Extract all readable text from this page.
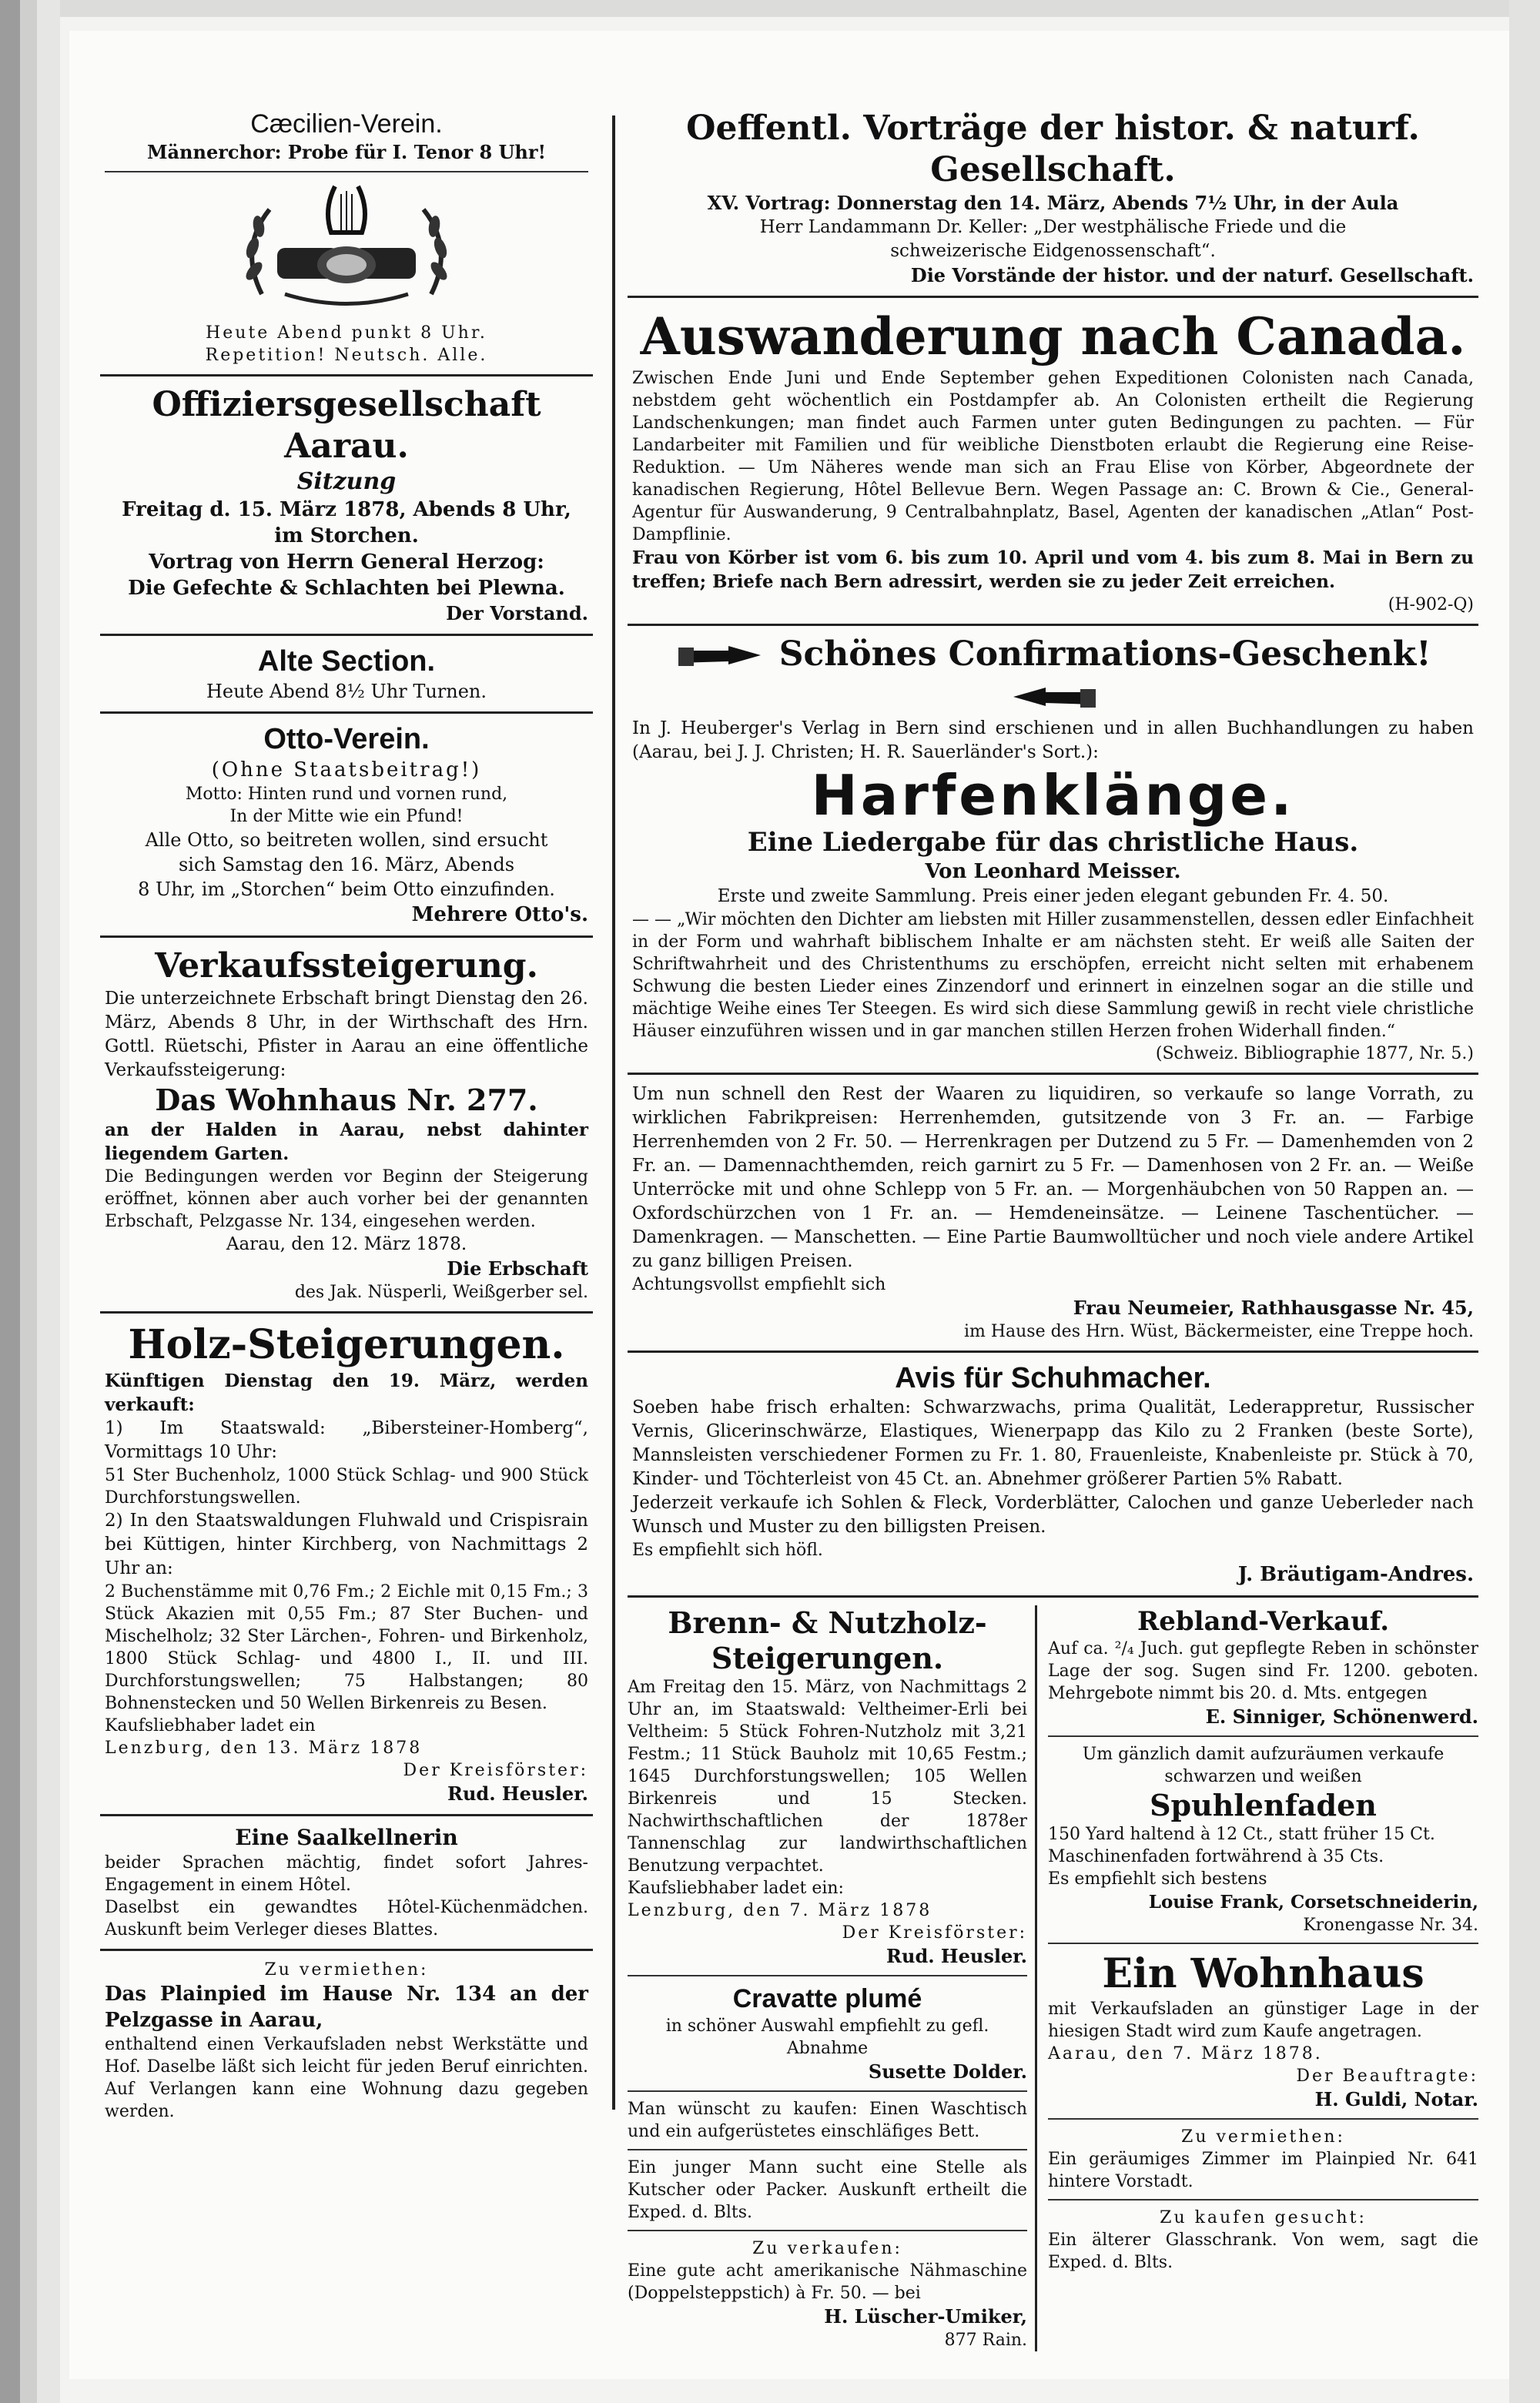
Cæcilien-Verein.

Männerchor: Probe für I. Tenor 8 Uhr!

Heute Abend punkt 8 Uhr.

Repetition! Neutsch. Alle.

Offiziersgesellschaft Aarau.

Sitzung

Freitag d. 15. März 1878, Abends 8 Uhr,

im Storchen.

Vortrag von Herrn General Herzog:

Die Gefechte & Schlachten bei Plewna.

Der Vorstand.

Alte Section.

Heute Abend 8½ Uhr Turnen.

Otto-Verein.

(Ohne Staatsbeitrag!)

Motto: Hinten rund und vornen rund,

In der Mitte wie ein Pfund!

Alle Otto, so beitreten wollen, sind ersucht

sich Samstag den 16. März, Abends

8 Uhr, im „Storchen“ beim Otto einzufinden.

Mehrere Otto's.

Verkaufssteigerung.

Die unterzeichnete Erbschaft bringt Dienstag den 26. März, Abends 8 Uhr, in der Wirthschaft des Hrn. Gottl. Rüetschi, Pfister in Aarau an eine öffentliche Verkaufssteigerung:

Das Wohnhaus Nr. 277.

an der Halden in Aarau, nebst dahinter liegendem Garten.

Die Bedingungen werden vor Beginn der Steigerung eröffnet, können aber auch vorher bei der genannten Erbschaft, Pelzgasse Nr. 134, eingesehen werden.

Aarau, den 12. März 1878.

Die Erbschaft

des Jak. Nüsperli, Weißgerber sel.

Holz-Steigerungen.

Künftigen Dienstag den 19. März, werden verkauft:

1) Im Staatswald: „Biberst​einer-Homberg“, Vormittags 10 Uhr:

51 Ster Buchenholz, 1000 Stück Schlag- und 900 Stück Durchforstungswellen.

2) In den Staatswaldungen Fluhwald und Crispisrain bei Küttigen, hinter Kirchberg, von Nachmittags 2 Uhr an:

2 Buchenstämme mit 0,76 Fm.; 2 Eichle mit 0,15 Fm.; 3 Stück Akazien mit 0,55 Fm.; 87 Ster Buchen- und Mischelholz; 32 Ster Lärchen-, Fohren- und Birkenholz, 1800 Stück Schlag- und 4800 I., II. und III. Durchforstungswellen; 75 Halbstangen; 80 Bohnenstecken und 50 Wellen Birkenreis zu Besen.

Kaufsliebhaber ladet ein

Lenzburg, den 13. März 1878

Der Kreisförster:

Rud. Heusler.

Eine Saalkellnerin

beider Sprachen mächtig, findet sofort Jahres-Engagement in einem Hôtel.

Daselbst ein gewandtes Hôtel-Küchenmädchen. Auskunft beim Verleger dieses Blattes.

Zu vermiethen:

Das Plainpied im Hause Nr. 134 an der Pelzgasse in Aarau,

enthaltend einen Verkaufsladen nebst Werkstätte und Hof. Daselbe läßt sich leicht für jeden Beruf einrichten. Auf Verlangen kann eine Wohnung dazu gegeben werden.

Oeffentl. Vorträge der histor. & naturf. Gesellschaft.

XV. Vortrag: Donnerstag den 14. März, Abends 7½ Uhr, in der Aula

Herr Landammann Dr. Keller: „Der westphälische Friede und die

schweizerische Eidgenossenschaft“.

Die Vorstände der histor. und der naturf. Gesellschaft.

Auswanderung nach Canada.

Zwischen Ende Juni und Ende September gehen Expeditionen Colonisten nach Canada, nebstdem geht wöchentlich ein Postdampfer ab. An Colonisten ertheilt die Regierung Landschenkungen; man findet auch Farmen unter guten Bedingungen zu pachten. — Für Landarbeiter mit Familien und für weibliche Dienstboten erlaubt die Regierung eine Reise-Reduktion. — Um Näheres wende man sich an Frau Elise von Körber, Abgeordnete der kanadischen Regierung, Hôtel Bellevue Bern. Wegen Passage an: C. Brown & Cie., General-Agentur für Auswanderung, 9 Centralbahnplatz, Basel, Agenten der kanadischen „Atlan“ Post-Dampflinie.

Frau von Körber ist vom 6. bis zum 10. April und vom 4. bis zum 8. Mai in Bern zu treffen; Briefe nach Bern adressirt, werden sie zu jeder Zeit erreichen.

(H-902-Q)

Schönes Confirmations-Geschenk!

In J. Heuberger's Verlag in Bern sind erschienen und in allen Buchhandlungen zu haben (Aarau, bei J. J. Christen; H. R. Sauerländer's Sort.):

Harfenklänge.

Eine Liedergabe für das christliche Haus.

Von Leonhard Meisser.

Erste und zweite Sammlung. Preis einer jeden elegant gebunden Fr. 4. 50.

— — „Wir möchten den Dichter am liebsten mit Hiller zusammenstellen, dessen edler Einfachheit in der Form und wahrhaft biblischem Inhalte er am nächsten steht. Er weiß alle Saiten der Schriftwahrheit und des Christenthums zu erschöpfen, erreicht nicht selten mit erhabenem Schwung die besten Lieder eines Zinzendorf und erinnert in einzelnen sogar an die stille und mächtige Weihe eines Ter Steegen. Es wird sich diese Sammlung gewiß in recht viele christliche Häuser einzuführen wissen und in gar manchen stillen Herzen frohen Widerhall finden.“

(Schweiz. Bibliographie 1877, Nr. 5.)

Um nun schnell den Rest der Waaren zu liquidiren, so verkaufe so lange Vorrath, zu wirklichen Fabrikpreisen: Herrenhemden, gutsitzende von 3 Fr. an. — Farbige Herrenhemden von 2 Fr. 50. — Herrenkragen per Dutzend zu 5 Fr. — Damenhemden von 2 Fr. an. — Damennachthemden, reich garnirt zu 5 Fr. — Damenhosen von 2 Fr. an. — Weiße Unterröcke mit und ohne Schlepp von 5 Fr. an. — Morgenhäubchen von 50 Rappen an. — Oxfordschürzchen von 1 Fr. an. — Hemdeneinsätze. — Leinene Taschentücher. — Damenkragen. — Manschetten. — Eine Partie Baumwolltücher und noch viele andere Artikel zu ganz billigen Preisen.

Achtungsvollst empfiehlt sich

Frau Neumeier, Rathhausgasse Nr. 45,

im Hause des Hrn. Wüst, Bäckermeister, eine Treppe hoch.

Avis für Schuhmacher.

Soeben habe frisch erhalten: Schwarzwachs, prima Qualität, Lederappretur, Russischer Vernis, Glicerinschwärze, Elastiques, Wienerpapp das Kilo zu 2 Franken (beste Sorte), Mannsleisten verschiedener Formen zu Fr. 1. 80, Frauenleiste, Knabenleiste pr. Stück à 70, Kinder- und Töchterleist von 45 Ct. an. Abnehmer größerer Partien 5% Rabatt.

Jederzeit verkaufe ich Sohlen & Fleck, Vorderblätter, Calochen und ganze Ueberleder nach Wunsch und Muster zu den billigsten Preisen.

Es empfiehlt sich höfl.

J. Bräutigam-Andres.

Brenn- & Nutzholz-Steigerungen.

Am Freitag den 15. März, von Nachmittags 2 Uhr an, im Staatswald: Veltheimer-Erli bei Veltheim: 5 Stück Fohren-Nutzholz mit 3,21 Festm.; 11 Stück Bauholz mit 10,65 Festm.; 1645 Durchforstungswellen; 105 Wellen Birkenreis und 15 Stecken. Nachwirthschaftlichen der 1878er Tannenschlag zur landwirthschaftlichen Benutzung verpachtet.

Kaufsliebhaber ladet ein:

Lenzburg, den 7. März 1878

Der Kreisförster:

Rud. Heusler.

Cravatte plumé

in schöner Auswahl empfiehlt zu gefl. Abnahme

Susette Dolder.

Man wünscht zu kaufen: Einen Waschtisch und ein aufgerüstetes einschläfiges Bett.

Ein junger Mann sucht eine Stelle als Kutscher oder Packer. Auskunft ertheilt die Exped. d. Blts.

Zu verkaufen:

Eine gute acht amerikanische Nähmaschine (Doppelsteppstich) à Fr. 50. — bei

H. Lüscher-Umiker,

877 Rain.

Rebland-Verkauf.

Auf ca. ²/₄ Juch. gut gepflegte Reben in schönster Lage der sog. Sugen sind Fr. 1200. geboten. Mehrgebote nimmt bis 20. d. Mts. entgegen

E. Sinniger, Schönenwerd.

Um gänzlich damit aufzuräumen verkaufe schwarzen und weißen

Spuhlenfaden

150 Yard haltend à 12 Ct., statt früher 15 Ct.

Maschinenfaden fortwährend à 35 Cts.

Es empfiehlt sich bestens

Louise Frank, Corsetschneiderin,

Kronengasse Nr. 34.

Ein Wohnhaus

mit Verkaufsladen an günstiger Lage in der hiesigen Stadt wird zum Kaufe angetragen.

Aarau, den 7. März 1878.

Der Beauftragte:

H. Guldi, Notar.

Zu vermiethen:

Ein geräumiges Zimmer im Plainpied Nr. 641 hintere Vorstadt.

Zu kaufen gesucht:

Ein älterer Glasschrank. Von wem, sagt die Exped. d. Blts.
